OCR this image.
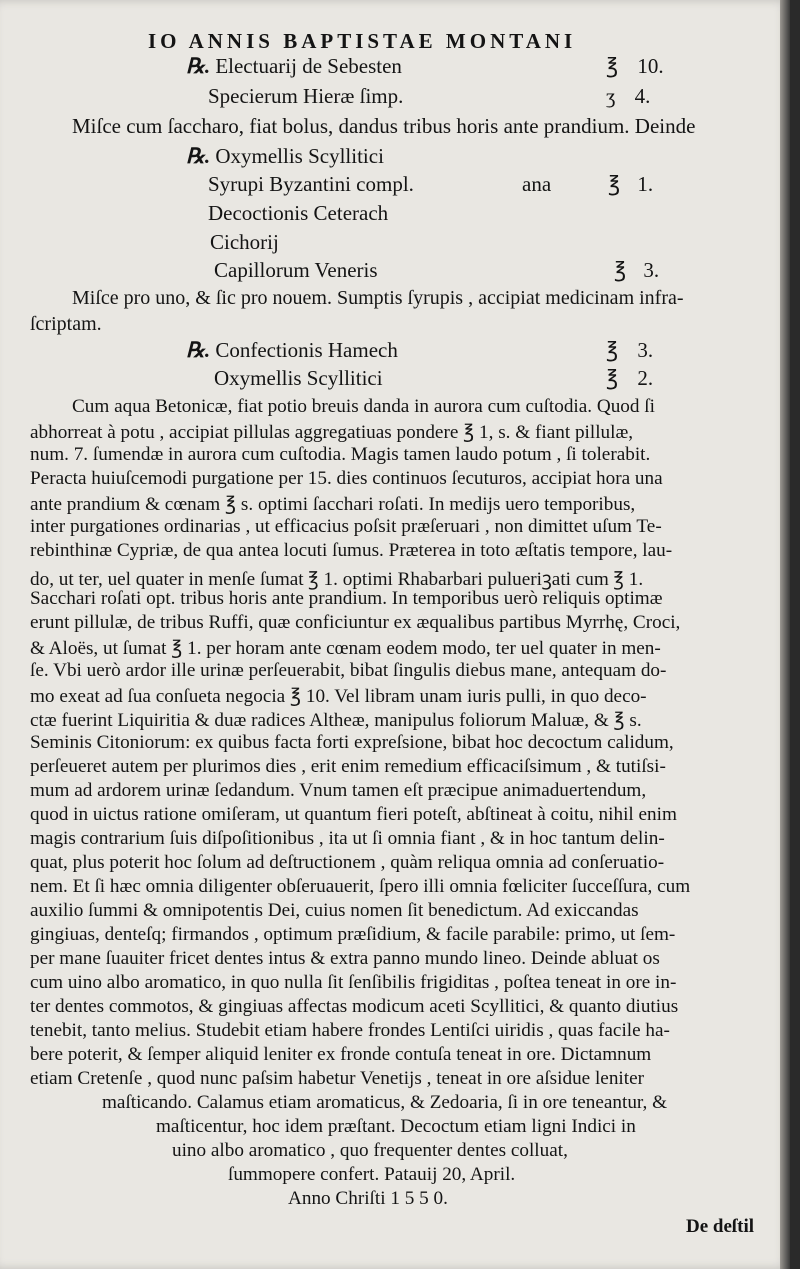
IO ANNIS BAPTISTAE MONTANI
℞. Electuarij de Sebesten	℥ 10.
Specierum Hieræ ſimp.	ʒ 4.
Miſce cum ſaccharo, fiat bolus, dandus tribus horis ante prandium. Deinde
℞. Oxymellis Scyllitici
Syrupi Byzantini compl.	ana	℥ 1.
Decoctionis Ceterach
Cichorij
Capillorum Veneris	℥ 3.
Miſce pro uno, & ſic pro nouem. Sumptis ſyrupis , accipiat medicinam infra-
ſcriptam.
℞. Confectionis Hamech	℥ 3.
Oxymellis Scyllitici	℥ 2.
Cum aqua Betonicæ, fiat potio breuis danda in aurora cum cuſtodia. Quod ſi
abhorreat à potu , accipiat pillulas aggregatiuas pondere ℥ 1, s. & fiant pillulæ,
num. 7. ſumendæ in aurora cum cuſtodia. Magis tamen laudo potum , ſi tolerabit.
Peracta huiuſcemodi purgatione per 15. dies continuos ſecuturos, accipiat hora una
ante prandium & cœnam ℥ s. optimi ſacchari roſati. In medijs uero temporibus,
inter purgationes ordinarias , ut efficacius poſsit præſeruari , non dimittet uſum Te-
rebinthinæ Cypriæ, de qua antea locuti ſumus. Præterea in toto æſtatis tempore, lau-
do, ut ter, uel quater in menſe ſumat ℥ 1. optimi Rhabarbari pulueriꝫati cum ℥ 1.
Sacchari roſati opt. tribus horis ante prandium. In temporibus uerò reliquis optimæ
erunt pillulæ, de tribus Ruffi, quæ conficiuntur ex æqualibus partibus Myrrhę, Croci,
& Aloës, ut ſumat ℥ 1. per horam ante cœnam eodem modo, ter uel quater in men-
ſe. Vbi uerò ardor ille urinæ perſeuerabit, bibat ſingulis diebus mane, antequam do-
mo exeat ad ſua conſueta negocia ℥ 10. Vel libram unam iuris pulli, in quo deco-
ctæ fuerint Liquiritia & duæ radices Altheæ, manipulus foliorum Maluæ, & ℥ s.
Seminis Citoniorum: ex quibus facta forti expreſsione, bibat hoc decoctum calidum,
perſeueret autem per plurimos dies , erit enim remedium efficaciſsimum , & tutiſsi-
mum ad ardorem urinæ ſedandum. Vnum tamen eſt præcipue animaduertendum,
quod in uictus ratione omiſeram, ut quantum fieri poteſt, abſtineat à coitu, nihil enim
magis contrarium ſuis diſpoſitionibus , ita ut ſi omnia fiant , & in hoc tantum delin-
quat, plus poterit hoc ſolum ad deſtructionem , quàm reliqua omnia ad conſeruatio-
nem. Et ſi hæc omnia diligenter obſeruauerit, ſpero illi omnia fœliciter ſucceſſura, cum
auxilio ſummi & omnipotentis Dei, cuius nomen ſit benedictum. Ad exiccandas
gingiuas, denteſq; firmandos , optimum præſidium, & facile parabile: primo, ut ſem-
per mane ſuauiter fricet dentes intus & extra panno mundo lineo. Deinde abluat os
cum uino albo aromatico, in quo nulla ſit ſenſibilis frigiditas , poſtea teneat in ore in-
ter dentes commotos, & gingiuas affectas modicum aceti Scyllitici, & quanto diutius
tenebit, tanto melius. Studebit etiam habere frondes Lentiſci uiridis , quas facile ha-
bere poterit, & ſemper aliquid leniter ex fronde contuſa teneat in ore. Dictamnum
etiam Cretenſe , quod nunc paſsim habetur Venetijs , teneat in ore aſsidue leniter
maſticando. Calamus etiam aromaticus, & Zedoaria, ſi in ore teneantur, &
maſticentur, hoc idem præſtant. Decoctum etiam ligni Indici in
uino albo aromatico , quo frequenter dentes colluat,
ſummopere confert. Patauij 20, April.
Anno Chriſti 1 5 5 0.
De deſtil
